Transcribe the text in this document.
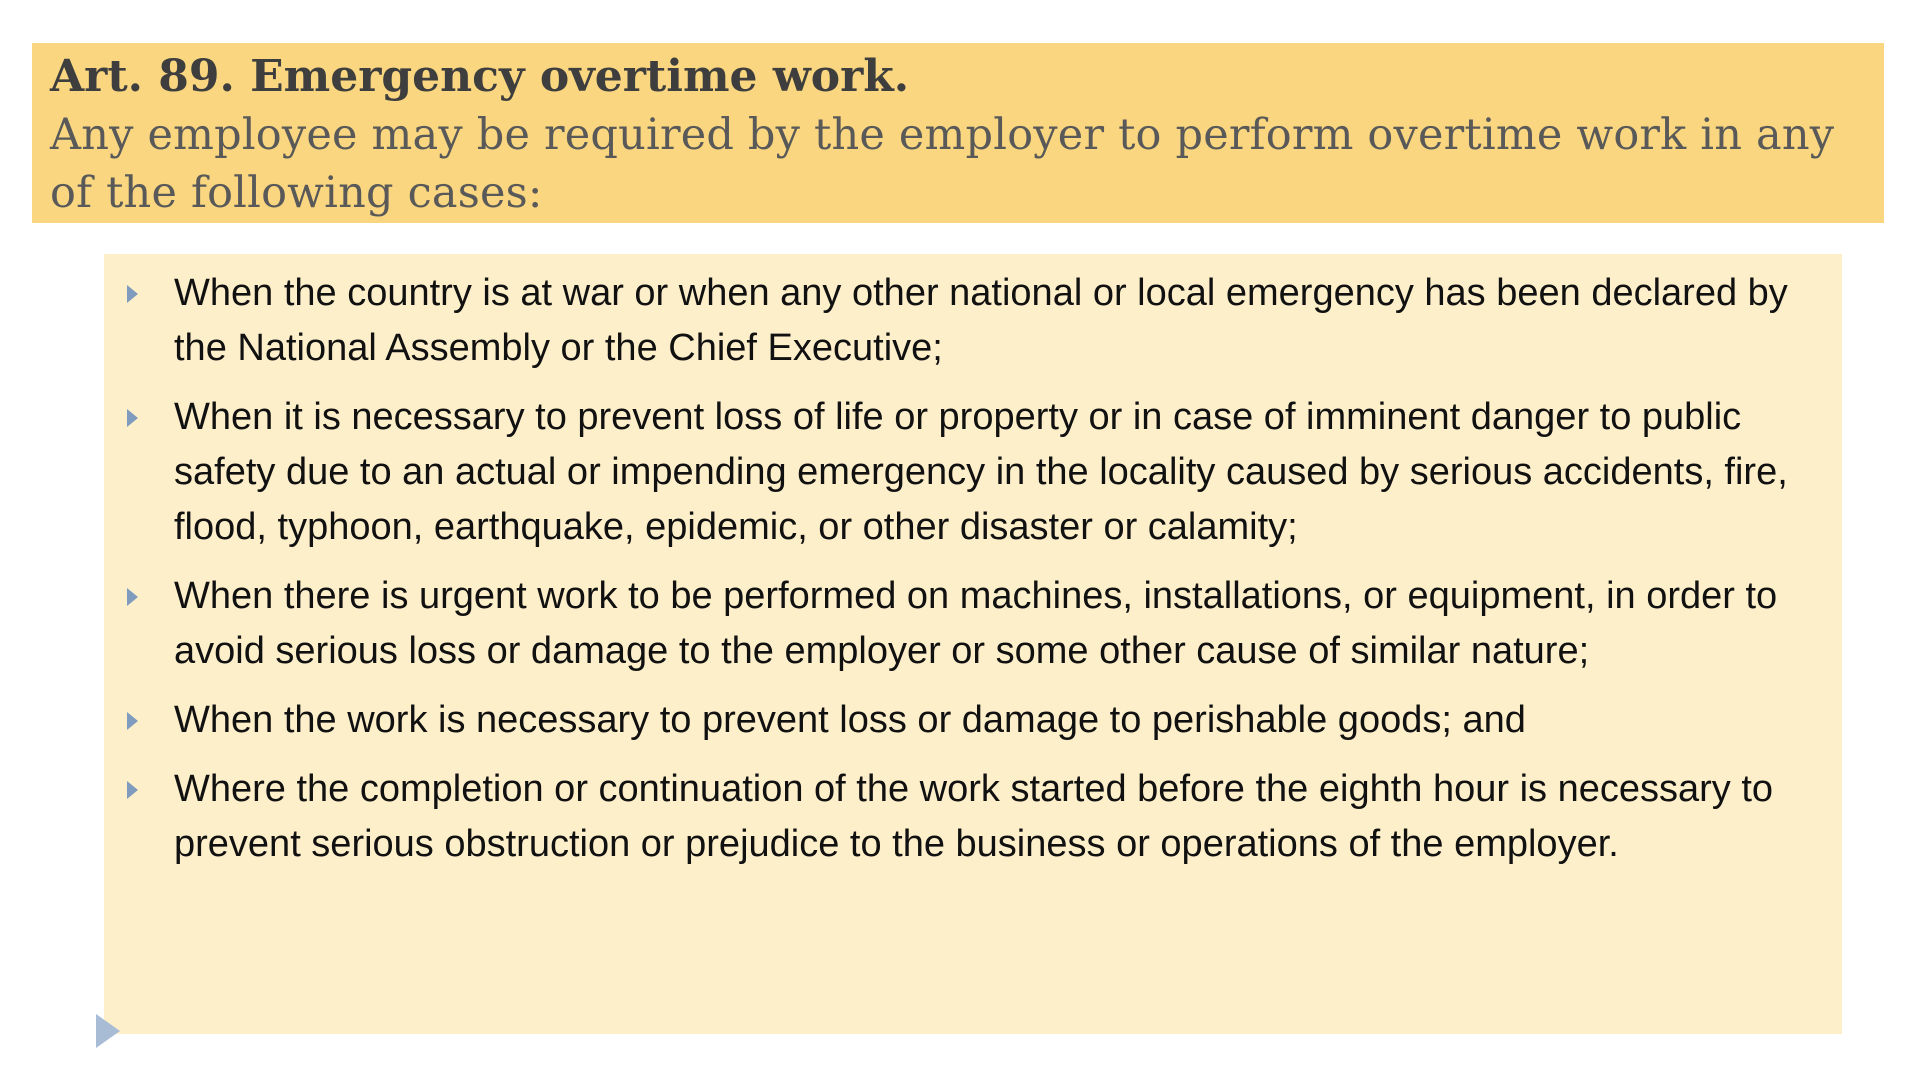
Art. 89. Emergency overtime work.

Any employee may be required by the employer to perform overtime work in any of the following cases:

When the country is at war or when any other national or local emergency has been declared by the National Assembly or the Chief Executive;
When it is necessary to prevent loss of life or property or in case of imminent danger to public safety due to an actual or impending emergency in the locality caused by serious accidents, fire, flood, typhoon, earthquake, epidemic, or other disaster or calamity;
When there is urgent work to be performed on machines, installations, or equipment, in order to avoid serious loss or damage to the employer or some other cause of similar nature;
When the work is necessary to prevent loss or damage to perishable goods; and
Where the completion or continuation of the work started before the eighth hour is necessary to prevent serious obstruction or prejudice to the business or operations of the employer.
